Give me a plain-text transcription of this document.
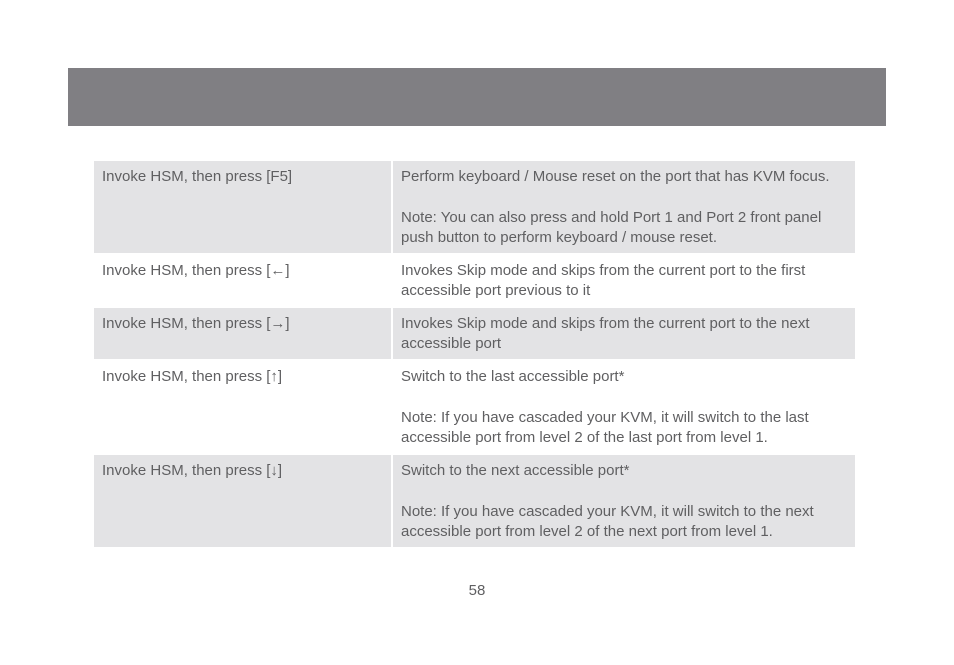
Invoke HSM, then press [F5]	Perform keyboard / Mouse reset on the port that has KVM focus.

Note: You can also press and hold Port 1 and Port 2 front panel push button to perform keyboard / mouse reset.

Invoke HSM, then press [←]	Invokes Skip mode and skips from the current port to the first accessible port previous to it

Invoke HSM, then press [→]	Invokes Skip mode and skips from the current port to the next accessible port

Invoke HSM, then press [↑]	Switch to the last accessible port*

Note: If you have cascaded your KVM, it will switch to the last accessible port from level 2 of the last port from level 1.

Invoke HSM, then press [↓]	Switch to the next accessible port*

Note: If you have cascaded your KVM, it will switch to the next accessible port from level 2 of the next port from level 1.

58
